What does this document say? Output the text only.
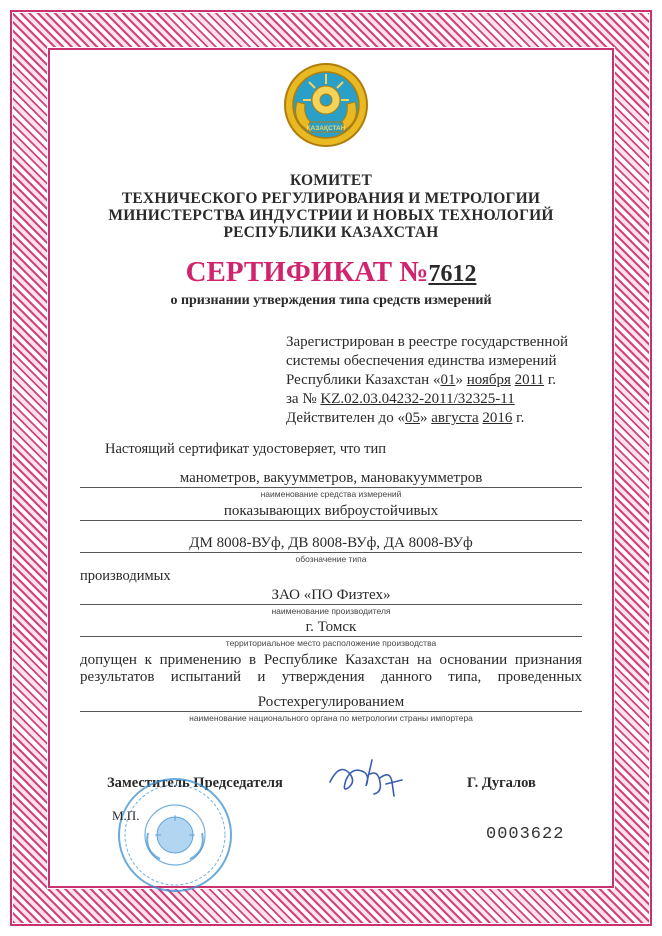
ҚАЗАҚСТАН
КОМИТЕТ
ТЕХНИЧЕСКОГО РЕГУЛИРОВАНИЯ И МЕТРОЛОГИИ
МИНИСТЕРСТВА ИНДУСТРИИ И НОВЫХ ТЕХНОЛОГИЙ
РЕСПУБЛИКИ КАЗАХСТАН
СЕРТИФИКАТ №7612
о признании утверждения типа средств измерений
Зарегистрирован в реестре государственной
системы обеспечения единства измерений
Республики Казахстан «01» ноября 2011 г.
за № KZ.02.03.04232-2011/32325-11
Действителен до «05» августа 2016 г.
Настоящий сертификат удостоверяет, что тип
манометров, вакуумметров, мановакуумметров
наименование средства измерений
показывающих виброустойчивых
ДМ 8008-ВУф, ДВ 8008-ВУф, ДА 8008-ВУф
обозначение типа
производимых
ЗАО «ПО Физтех»
наименование производителя
г. Томск
территориальное место расположение производства
допущен к применению в Республике Казахстан на основании признания
результатов испытаний и утверждения данного типа, проведенных
Ростехрегулированием
наименование национального органа по метрологии страны импортера
Заместитель Председателя	Г. Дугалов
М.П.
0003622
